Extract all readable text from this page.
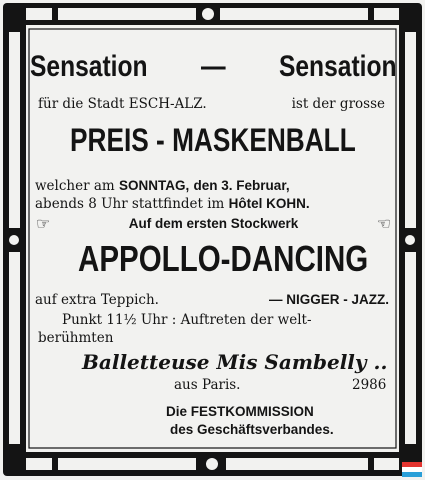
Sensation — Sensation
für die Stadt ESCH-ALZ.	ist der grosse
PREIS - MASKENBALL
welcher am SONNTAG, den 3. Februar,
abends 8 Uhr stattfindet im Hôtel KOHN.
☞	Auf dem ersten Stockwerk	☜
APPOLLO-DANCING
auf extra Teppich.	— NIGGER - JAZZ.
Punkt 11½ Uhr : Auftreten der welt-
berühmten
Balletteuse Mis Sambelly ..
aus Paris.	2986
Die FESTKOMMISSION
des Geschäftsverbandes.
